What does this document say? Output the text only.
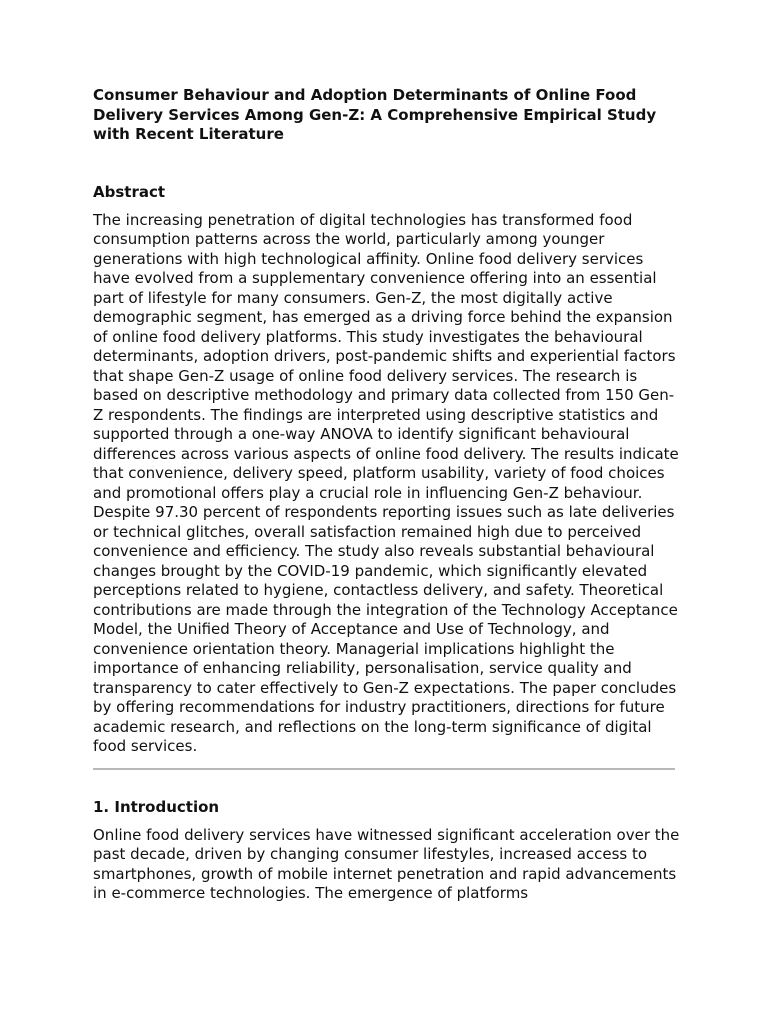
Consumer Behaviour and Adoption Determinants of Online Food Delivery Services Among Gen-Z: A Comprehensive Empirical Study with Recent Literature
Abstract

The increasing penetration of digital technologies has transformed food consumption patterns across the world, particularly among younger generations with high technological affinity. Online food delivery services have evolved from a supplementary convenience offering into an essential part of lifestyle for many consumers. Gen-Z, the most digitally active demographic segment, has emerged as a driving force behind the expansion of online food delivery platforms. This study investigates the behavioural determinants, adoption drivers, post-pandemic shifts and experiential factors that shape Gen-Z usage of online food delivery services. The research is based on descriptive methodology and primary data collected from 150 Gen-Z respondents. The findings are interpreted using descriptive statistics and supported through a one-way ANOVA to identify significant behavioural differences across various aspects of online food delivery. The results indicate that convenience, delivery speed, platform usability, variety of food choices and promotional offers play a crucial role in influencing Gen-Z behaviour. Despite 97.30 percent of respondents reporting issues such as late deliveries or technical glitches, overall satisfaction remained high due to perceived convenience and efficiency. The study also reveals substantial behavioural changes brought by the COVID-19 pandemic, which significantly elevated perceptions related to hygiene, contactless delivery, and safety. Theoretical contributions are made through the integration of the Technology Acceptance Model, the Unified Theory of Acceptance and Use of Technology, and convenience orientation theory. Managerial implications highlight the importance of enhancing reliability, personalisation, service quality and transparency to cater effectively to Gen-Z expectations. The paper concludes by offering recommendations for industry practitioners, directions for future academic research, and reflections on the long-term significance of digital food services.

1. Introduction

Online food delivery services have witnessed significant acceleration over the past decade, driven by changing consumer lifestyles, increased access to smartphones, growth of mobile internet penetration and rapid advancements in e-commerce technologies. The emergence of platforms
